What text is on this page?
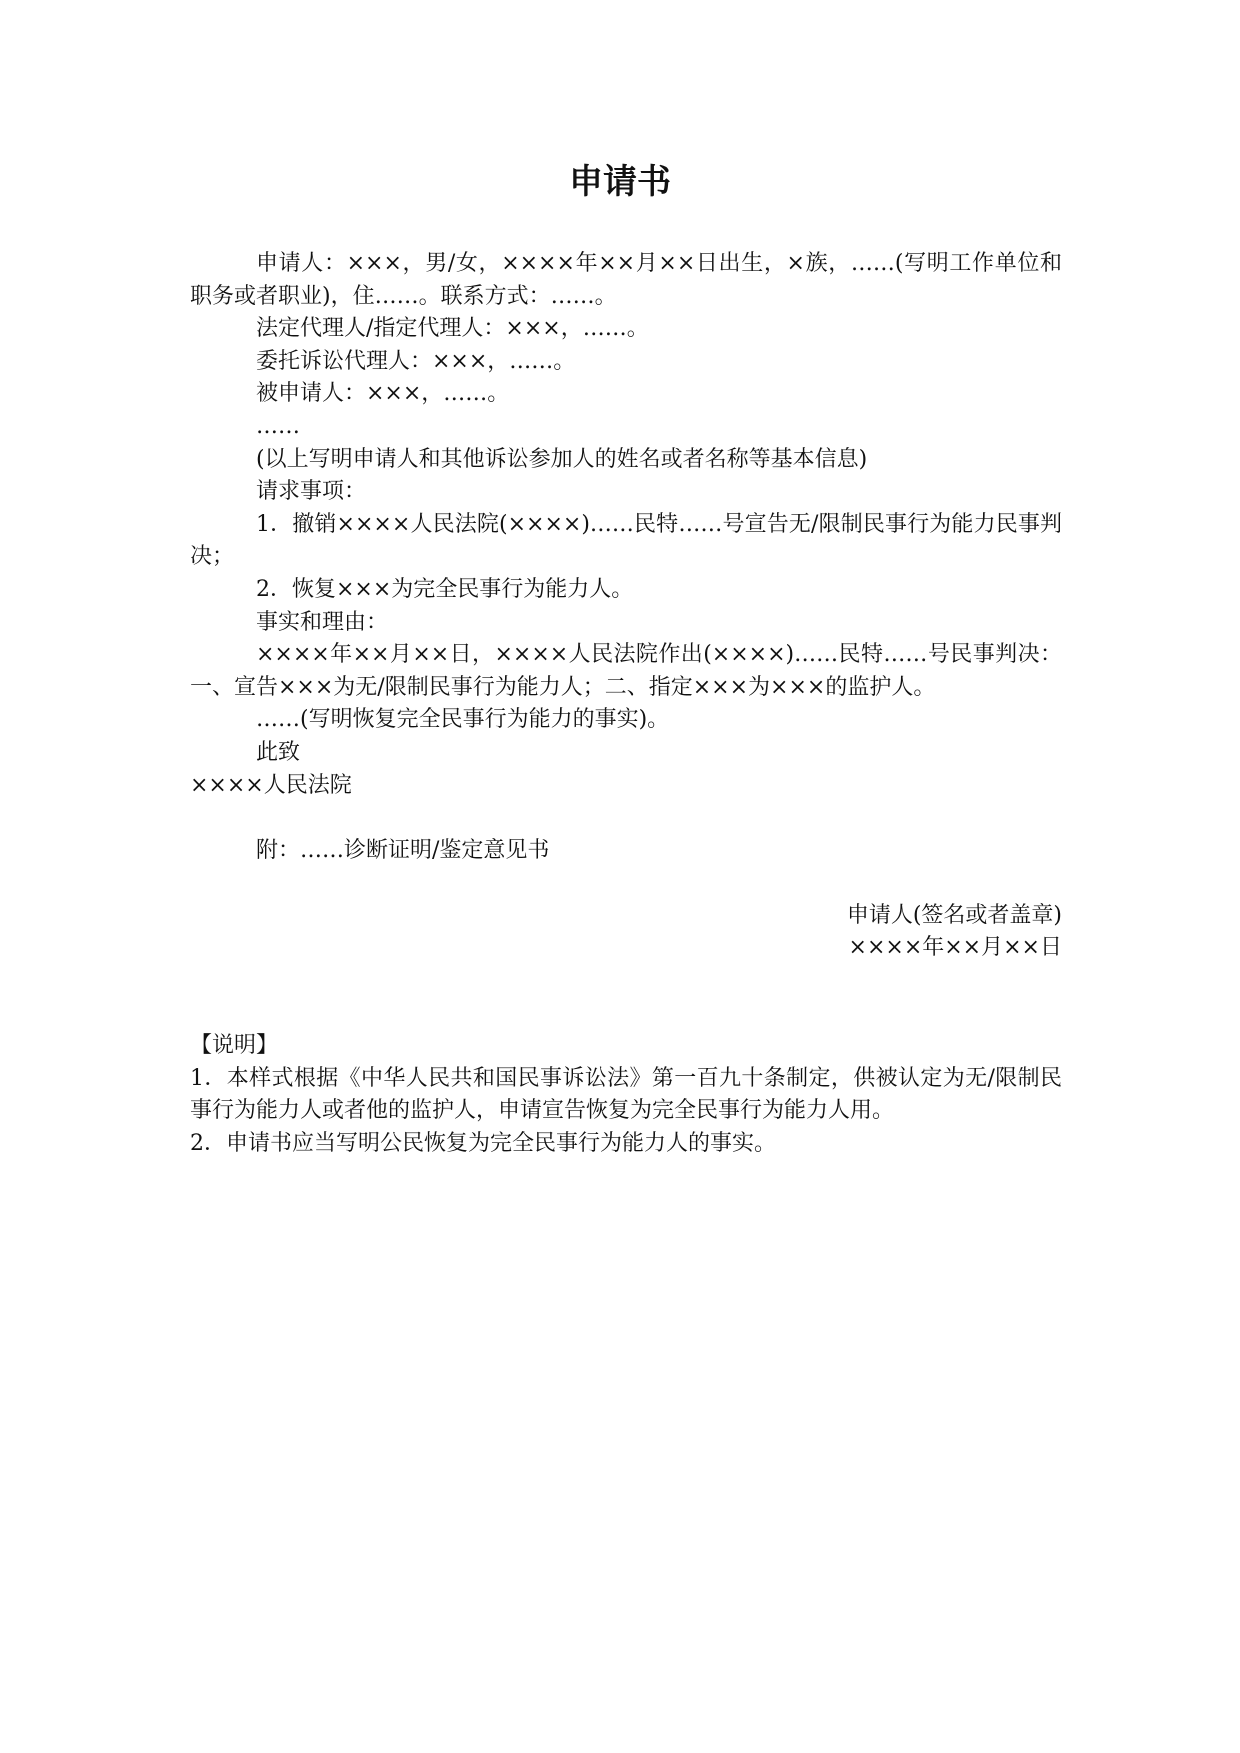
申请书

申请人：×××，男/女，××××年××月××日出生，×族，……(写明工作单位和职务或者职业)，住……。联系方式：……。

法定代理人/指定代理人：×××，……。

委托诉讼代理人：×××，……。

被申请人：×××，……。

……

(以上写明申请人和其他诉讼参加人的姓名或者名称等基本信息)

请求事项：

1．撤销××××人民法院(××××)……民特……号宣告无/限制民事行为能力民事判决；

2．恢复×××为完全民事行为能力人。

事实和理由：

××××年××月××日，××××人民法院作出(××××)……民特……号民事判决：一、宣告×××为无/限制民事行为能力人；二、指定×××为×××的监护人。

……(写明恢复完全民事行为能力的事实)。

此致

××××人民法院

附：……诊断证明/鉴定意见书

申请人(签名或者盖章)

××××年××月××日

【说明】

1．本样式根据《中华人民共和国民事诉讼法》第一百九十条制定，供被认定为无/限制民事行为能力人或者他的监护人，申请宣告恢复为完全民事行为能力人用。

2．申请书应当写明公民恢复为完全民事行为能力人的事实。
